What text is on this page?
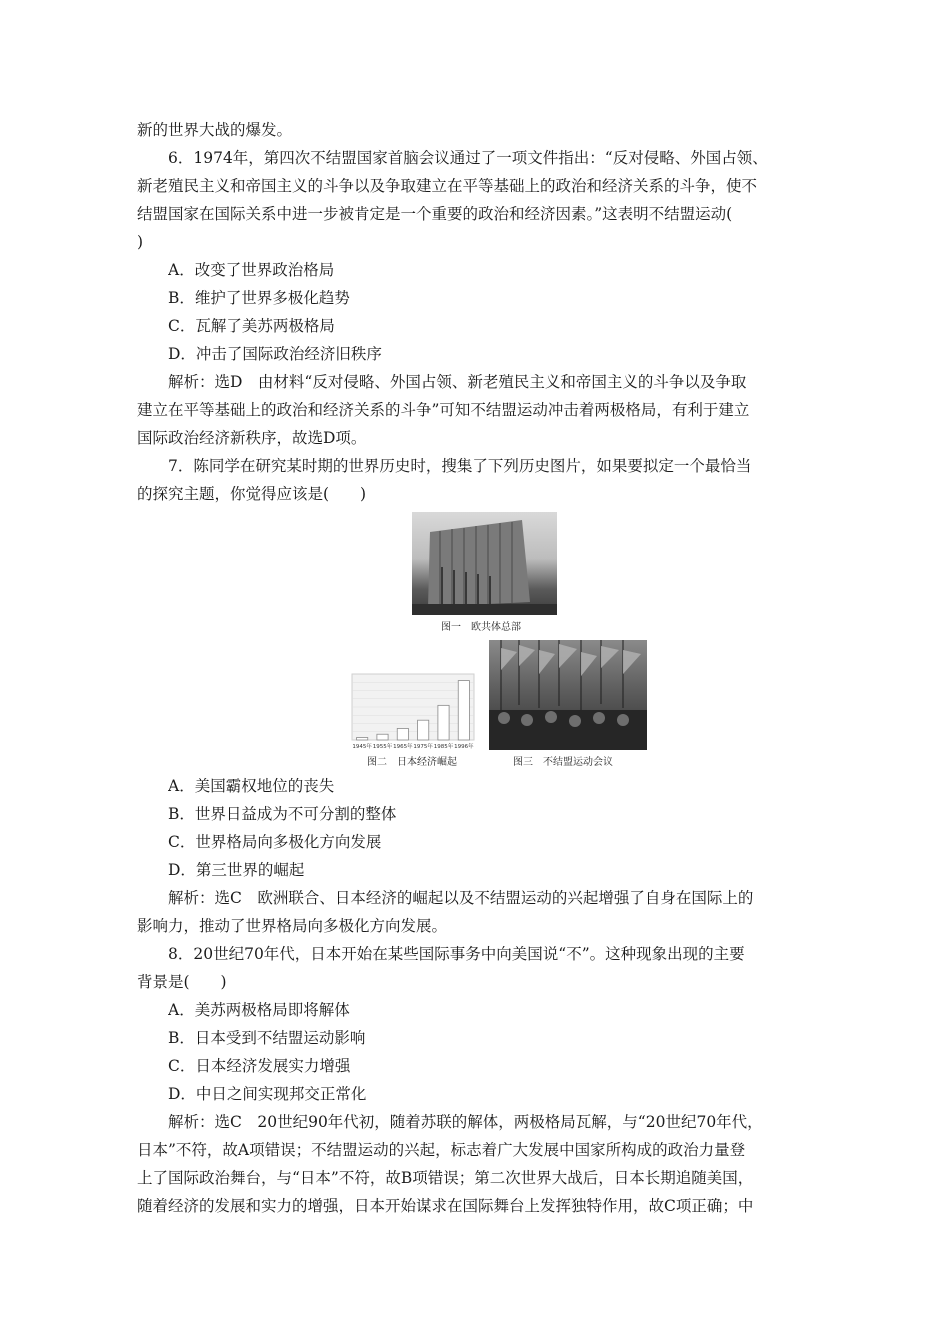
新的世界大战的爆发。
6．1974年，第四次不结盟国家首脑会议通过了一项文件指出：“反对侵略、外国占领、
新老殖民主义和帝国主义的斗争以及争取建立在平等基础上的政治和经济关系的斗争，使不
结盟国家在国际关系中进一步被肯定是一个重要的政治和经济因素。”这表明不结盟运动(
)
A．改变了世界政治格局
B．维护了世界多极化趋势
C．瓦解了美苏两极格局
D．冲击了国际政治经济旧秩序
解析：选D　由材料“反对侵略、外国占领、新老殖民主义和帝国主义的斗争以及争取
建立在平等基础上的政治和经济关系的斗争”可知不结盟运动冲击着两极格局，有利于建立
国际政治经济新秩序，故选D项。
7．陈同学在研究某时期的世界历史时，搜集了下列历史图片，如果要拟定一个最恰当
的探究主题，你觉得应该是(　　)
图一　欧共体总部
1945年 1955年 1965年 1975年 1985年 1996年
图二　日本经济崛起	图三　不结盟运动会议
A．美国霸权地位的丧失
B．世界日益成为不可分割的整体
C．世界格局向多极化方向发展
D．第三世界的崛起
解析：选C　欧洲联合、日本经济的崛起以及不结盟运动的兴起增强了自身在国际上的
影响力，推动了世界格局向多极化方向发展。
8．20世纪70年代，日本开始在某些国际事务中向美国说“不”。这种现象出现的主要
背景是(　　)
A．美苏两极格局即将解体
B．日本受到不结盟运动影响
C．日本经济发展实力增强
D．中日之间实现邦交正常化
解析：选C　20世纪90年代初，随着苏联的解体，两极格局瓦解，与“20世纪70年代，
日本”不符，故A项错误；不结盟运动的兴起，标志着广大发展中国家所构成的政治力量登
上了国际政治舞台，与“日本”不符，故B项错误；第二次世界大战后，日本长期追随美国，
随着经济的发展和实力的增强，日本开始谋求在国际舞台上发挥独特作用，故C项正确；中
